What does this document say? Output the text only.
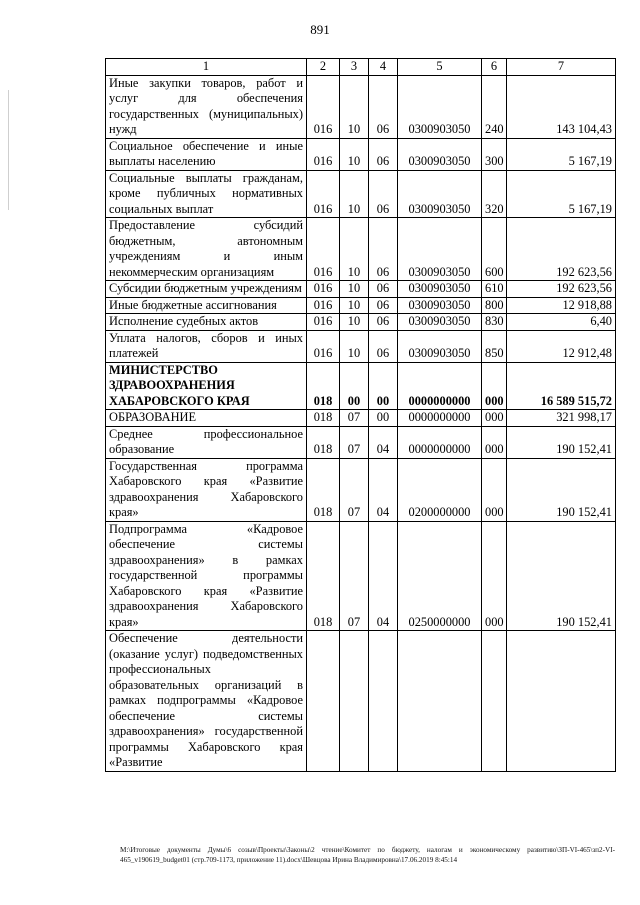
891
1	2	3	4	5	6	7
Иные закупки товаров, работ и услуг для обеспечения государственных (муниципальных) нужд	016	10	06	0300903050	240	143 104,43
Социальное обеспечение и иные выплаты населению	016	10	06	0300903050	300	5 167,19
Социальные выплаты гражданам, кроме публичных нормативных социальных выплат	016	10	06	0300903050	320	5 167,19
Предоставление субсидий бюджетным, автономным учреждениям и иным некоммерческим организациям	016	10	06	0300903050	600	192 623,56
Субсидии бюджетным учреждениям	016	10	06	0300903050	610	192 623,56
Иные бюджетные ассигнования	016	10	06	0300903050	800	12 918,88
Исполнение судебных актов	016	10	06	0300903050	830	6,40
Уплата налогов, сборов и иных платежей	016	10	06	0300903050	850	12 912,48
МИНИСТЕРСТВО ЗДРАВООХРАНЕНИЯ ХАБАРОВСКОГО КРАЯ	018	00	00	0000000000	000	16 589 515,72
ОБРАЗОВАНИЕ	018	07	00	0000000000	000	321 998,17
Среднее профессиональное образование	018	07	04	0000000000	000	190 152,41
Государственная программа Хабаровского края «Развитие здравоохранения Хабаровского края»	018	07	04	0200000000	000	190 152,41
Подпрограмма «Кадровое обеспечение системы здравоохранения» в рамках государственной программы Хабаровского края «Развитие здравоохранения Хабаровского края»	018	07	04	0250000000	000	190 152,41
Обеспечение деятельности (оказание услуг) подведомственных профессиональных образовательных организаций в рамках подпрограммы «Кадровое обеспечение системы здравоохранения» государственной программы Хабаровского края «Развитие						
М:\Итоговые документы Думы\6 созыв\Проекты\Законы\2 чтение\Комитет по бюджету, налогам и экономическому развитию\ЗП-VI-465\зп2-VI-465_v190619_budget01 (стр.709-1173, приложение 11).docx\Шевцова Ирина Владимировна\17.06.2019 8:45:14
